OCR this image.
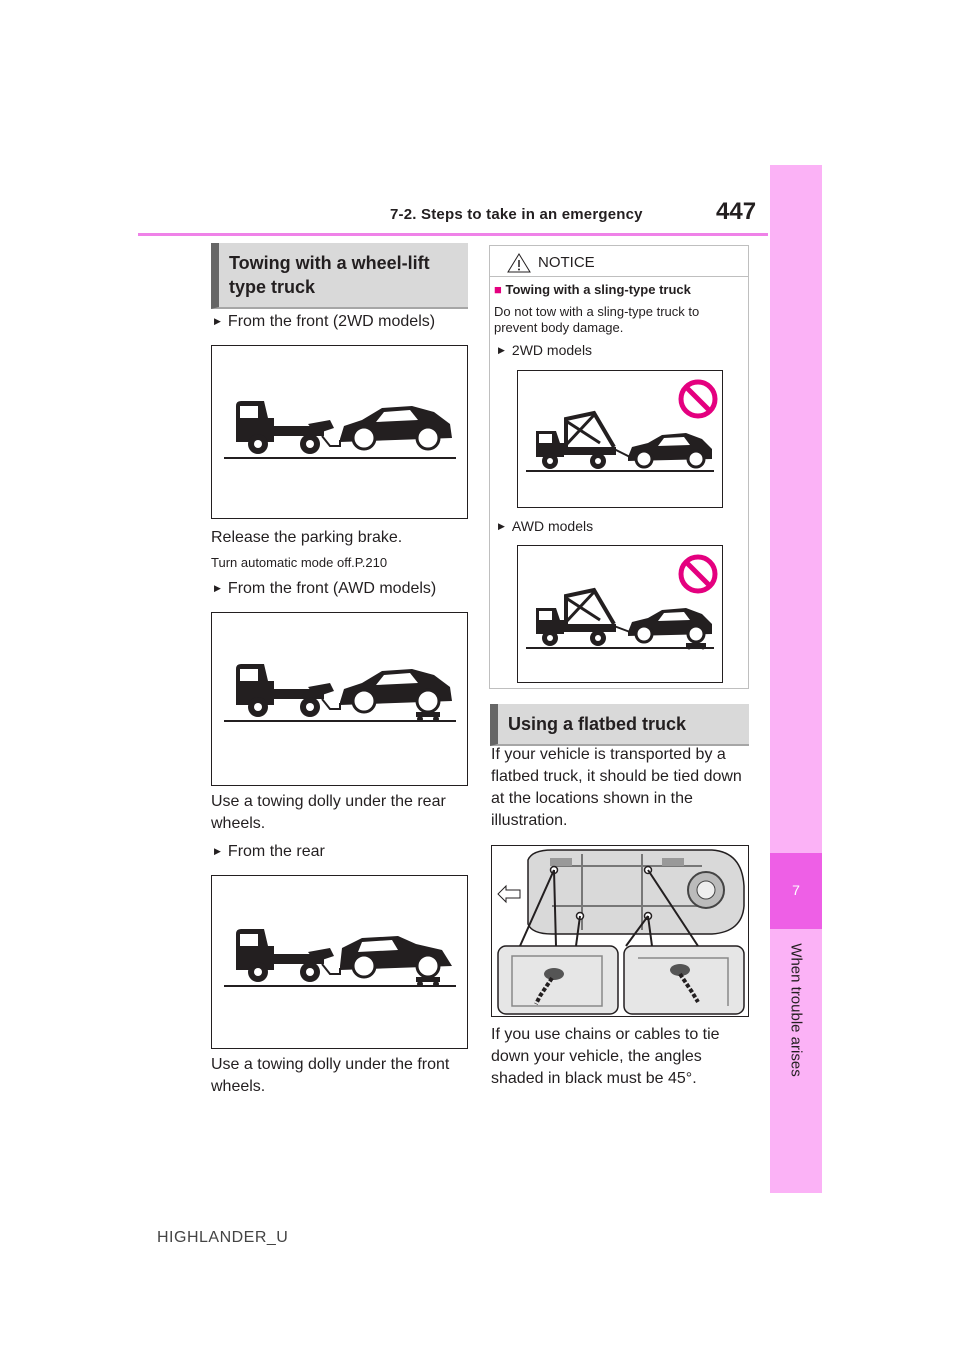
7-2. Steps to take in an emergency	447
7
When trouble arises
Towing with a wheel-lift type truck
▶ From the front (2WD models)
Release the parking brake.
Turn automatic mode off.P.210
▶ From the front (AWD models)
Use a towing dolly under the rear wheels.
▶ From the rear
Use a towing dolly under the front wheels.
NOTICE
■ Towing with a sling-type truck
Do not tow with a sling-type truck to prevent body damage.
▶ 2WD models
▶ AWD models
Using a flatbed truck
If your vehicle is transported by a flatbed truck, it should be tied down at the locations shown in the illustration.
If you use chains or cables to tie down your vehicle, the angles shaded in black must be 45°.
HIGHLANDER_U
